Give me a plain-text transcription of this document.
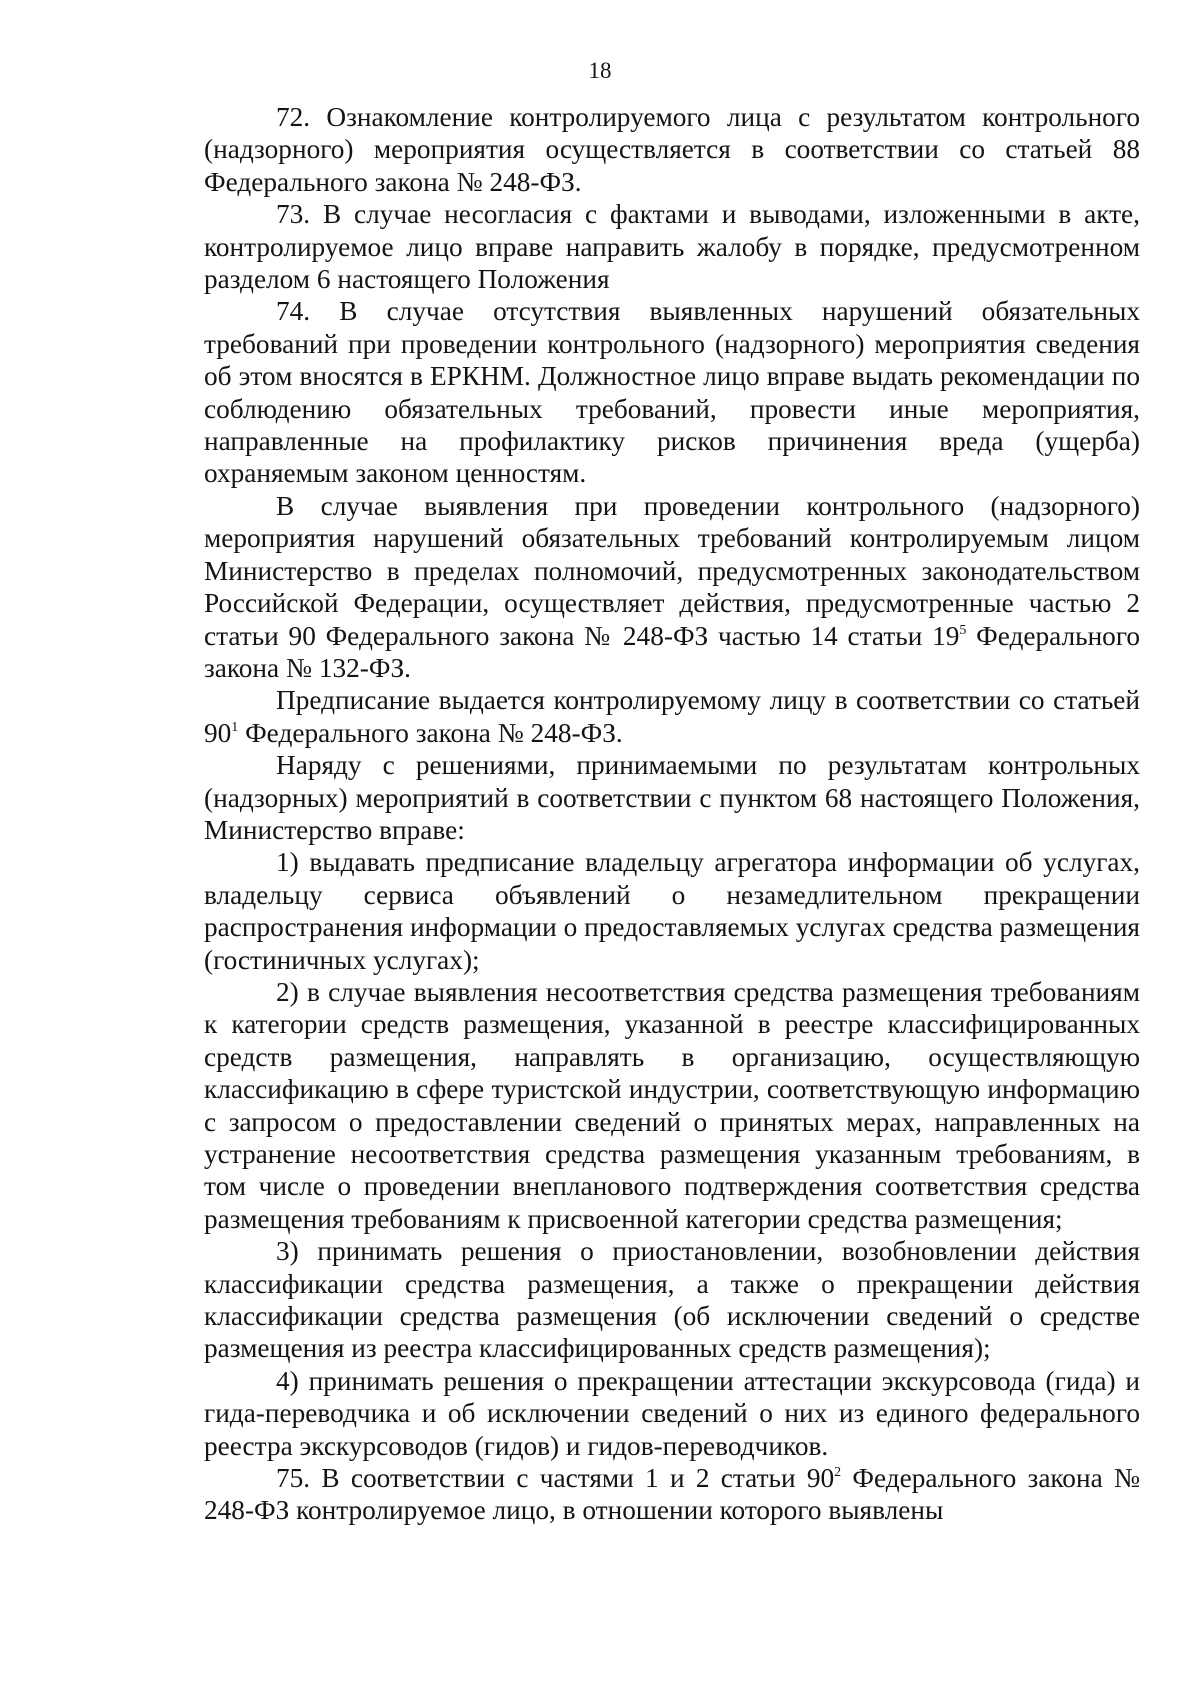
18

72. Ознакомление контролируемого лица с результатом контрольного (надзорного) мероприятия осуществляется в соответствии со статьей 88 Федерального закона № 248-ФЗ.

73. В случае несогласия с фактами и выводами, изложенными в акте, контролируемое лицо вправе направить жалобу в порядке, предусмотренном разделом 6 настоящего Положения

74. В случае отсутствия выявленных нарушений обязательных требований при проведении контрольного (надзорного) мероприятия сведения об этом вносятся в ЕРКНМ. Должностное лицо вправе выдать рекомендации по соблюдению обязательных требований, провести иные мероприятия, направленные на профилактику рисков причинения вреда (ущерба) охраняемым законом ценностям.

В случае выявления при проведении контрольного (надзорного) мероприятия нарушений обязательных требований контролируемым лицом Министерство в пределах полномочий, предусмотренных законодательством Российской Федерации, осуществляет действия, предусмотренные частью 2 статьи 90 Федерального закона № 248-ФЗ частью 14 статьи $19^5$ Федерального закона № 132-ФЗ.

Предписание выдается контролируемому лицу в соответствии со статьей $90^1$ Федерального закона № 248-ФЗ.

Наряду с решениями, принимаемыми по результатам контрольных (надзорных) мероприятий в соответствии с пунктом 68 настоящего Положения, Министерство вправе:

1) выдавать предписание владельцу агрегатора информации об услугах, владельцу сервиса объявлений о незамедлительном прекращении распространения информации о предоставляемых услугах средства размещения (гостиничных услугах);

2) в случае выявления несоответствия средства размещения требованиям к категории средств размещения, указанной в реестре классифицированных средств размещения, направлять в организацию, осуществляющую классификацию в сфере туристской индустрии, соответствующую информацию с запросом о предоставлении сведений о принятых мерах, направленных на устранение несоответствия средства размещения указанным требованиям, в том числе о проведении внепланового подтверждения соответствия средства размещения требованиям к присвоенной категории средства размещения;

3) принимать решения о приостановлении, возобновлении действия классификации средства размещения, а также о прекращении действия классификации средства размещения (об исключении сведений о средстве размещения из реестра классифицированных средств размещения);

4) принимать решения о прекращении аттестации экскурсовода (гида) и гида-переводчика и об исключении сведений о них из единого федерального реестра экскурсоводов (гидов) и гидов-переводчиков.

75. В соответствии с частями 1 и 2 статьи $90^2$ Федерального закона № 248-ФЗ контролируемое лицо, в отношении которого выявлены
